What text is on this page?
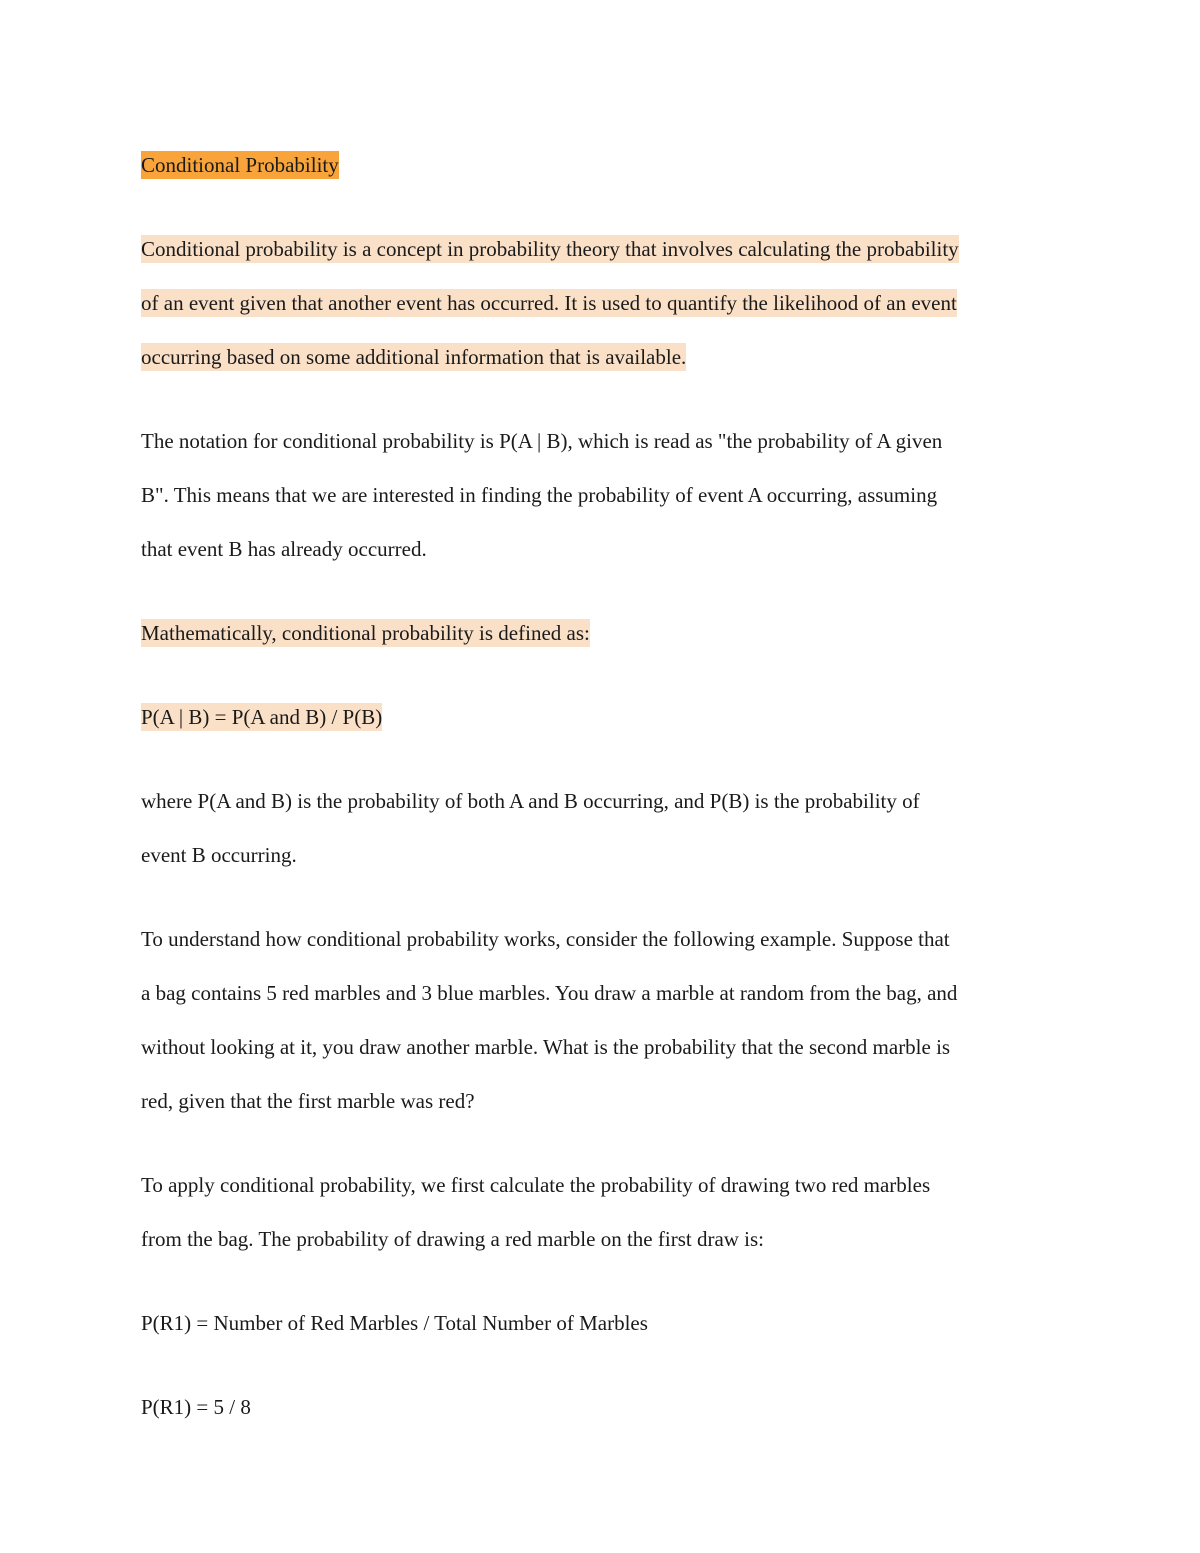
Conditional Probability

Conditional probability is a concept in probability theory that involves calculating the probability
of an event given that another event has occurred. It is used to quantify the likelihood of an event
occurring based on some additional information that is available.

The notation for conditional probability is P(A | B), which is read as "the probability of A given
B". This means that we are interested in finding the probability of event A occurring, assuming
that event B has already occurred.

Mathematically, conditional probability is defined as:

P(A | B) = P(A and B) / P(B)

where P(A and B) is the probability of both A and B occurring, and P(B) is the probability of
event B occurring.

To understand how conditional probability works, consider the following example. Suppose that
a bag contains 5 red marbles and 3 blue marbles. You draw a marble at random from the bag, and
without looking at it, you draw another marble. What is the probability that the second marble is
red, given that the first marble was red?

To apply conditional probability, we first calculate the probability of drawing two red marbles
from the bag. The probability of drawing a red marble on the first draw is:

P(R1) = Number of Red Marbles / Total Number of Marbles

P(R1) = 5 / 8
